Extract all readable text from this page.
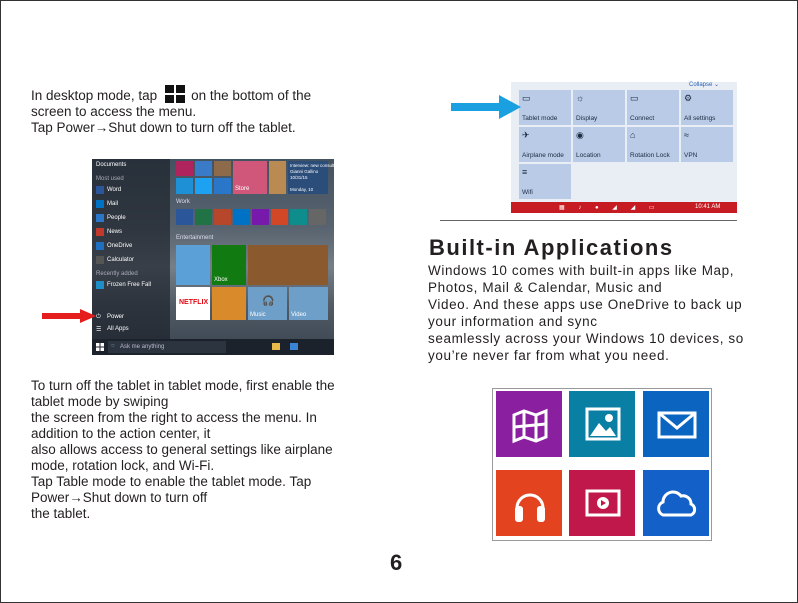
In desktop mode, tap	on the bottom of the
screen to access the menu.
Tap Power→Shut down to turn off the tablet.
Documents
Most used
Word
Mail
People
News
OneDrive
Calculator
Recently added
Frozen Free Fall
⏻ Power
☰ All Apps
Store
Interview: new consultant
Gianni Gallino
10/31/15
Monday, 10
Work
Entertainment
Xbox
NETFLIX	🎧
Music	Video
○ Ask me anything
To turn off the tablet in tablet mode, first enable the
tablet mode by swiping
the screen from the right to access the menu. In
addition to the action center, it
also allows access to general settings like airplane
mode, rotation lock, and Wi-Fi.
Tap Table mode to enable the tablet mode. Tap
Power→Shut down to turn off
the tablet.
Collapse ⌄
▭
Tablet mode
☼
Display
▭
Connect
⚙
All settings
✈
Airplane mode
◉
Location
⌂
Rotation Lock
≈
VPN
≡
Wifi
▦ ♪ ● ◢ ◢ ▭	10:41 AM
Built-in Applications
Windows 10 comes with built-in apps like Map,
Photos, Mail & Calendar, Music and
Video. And these apps use OneDrive to back up
your information and sync
seamlessly across your Windows 10 devices, so
you’re never far from what you need.
6
